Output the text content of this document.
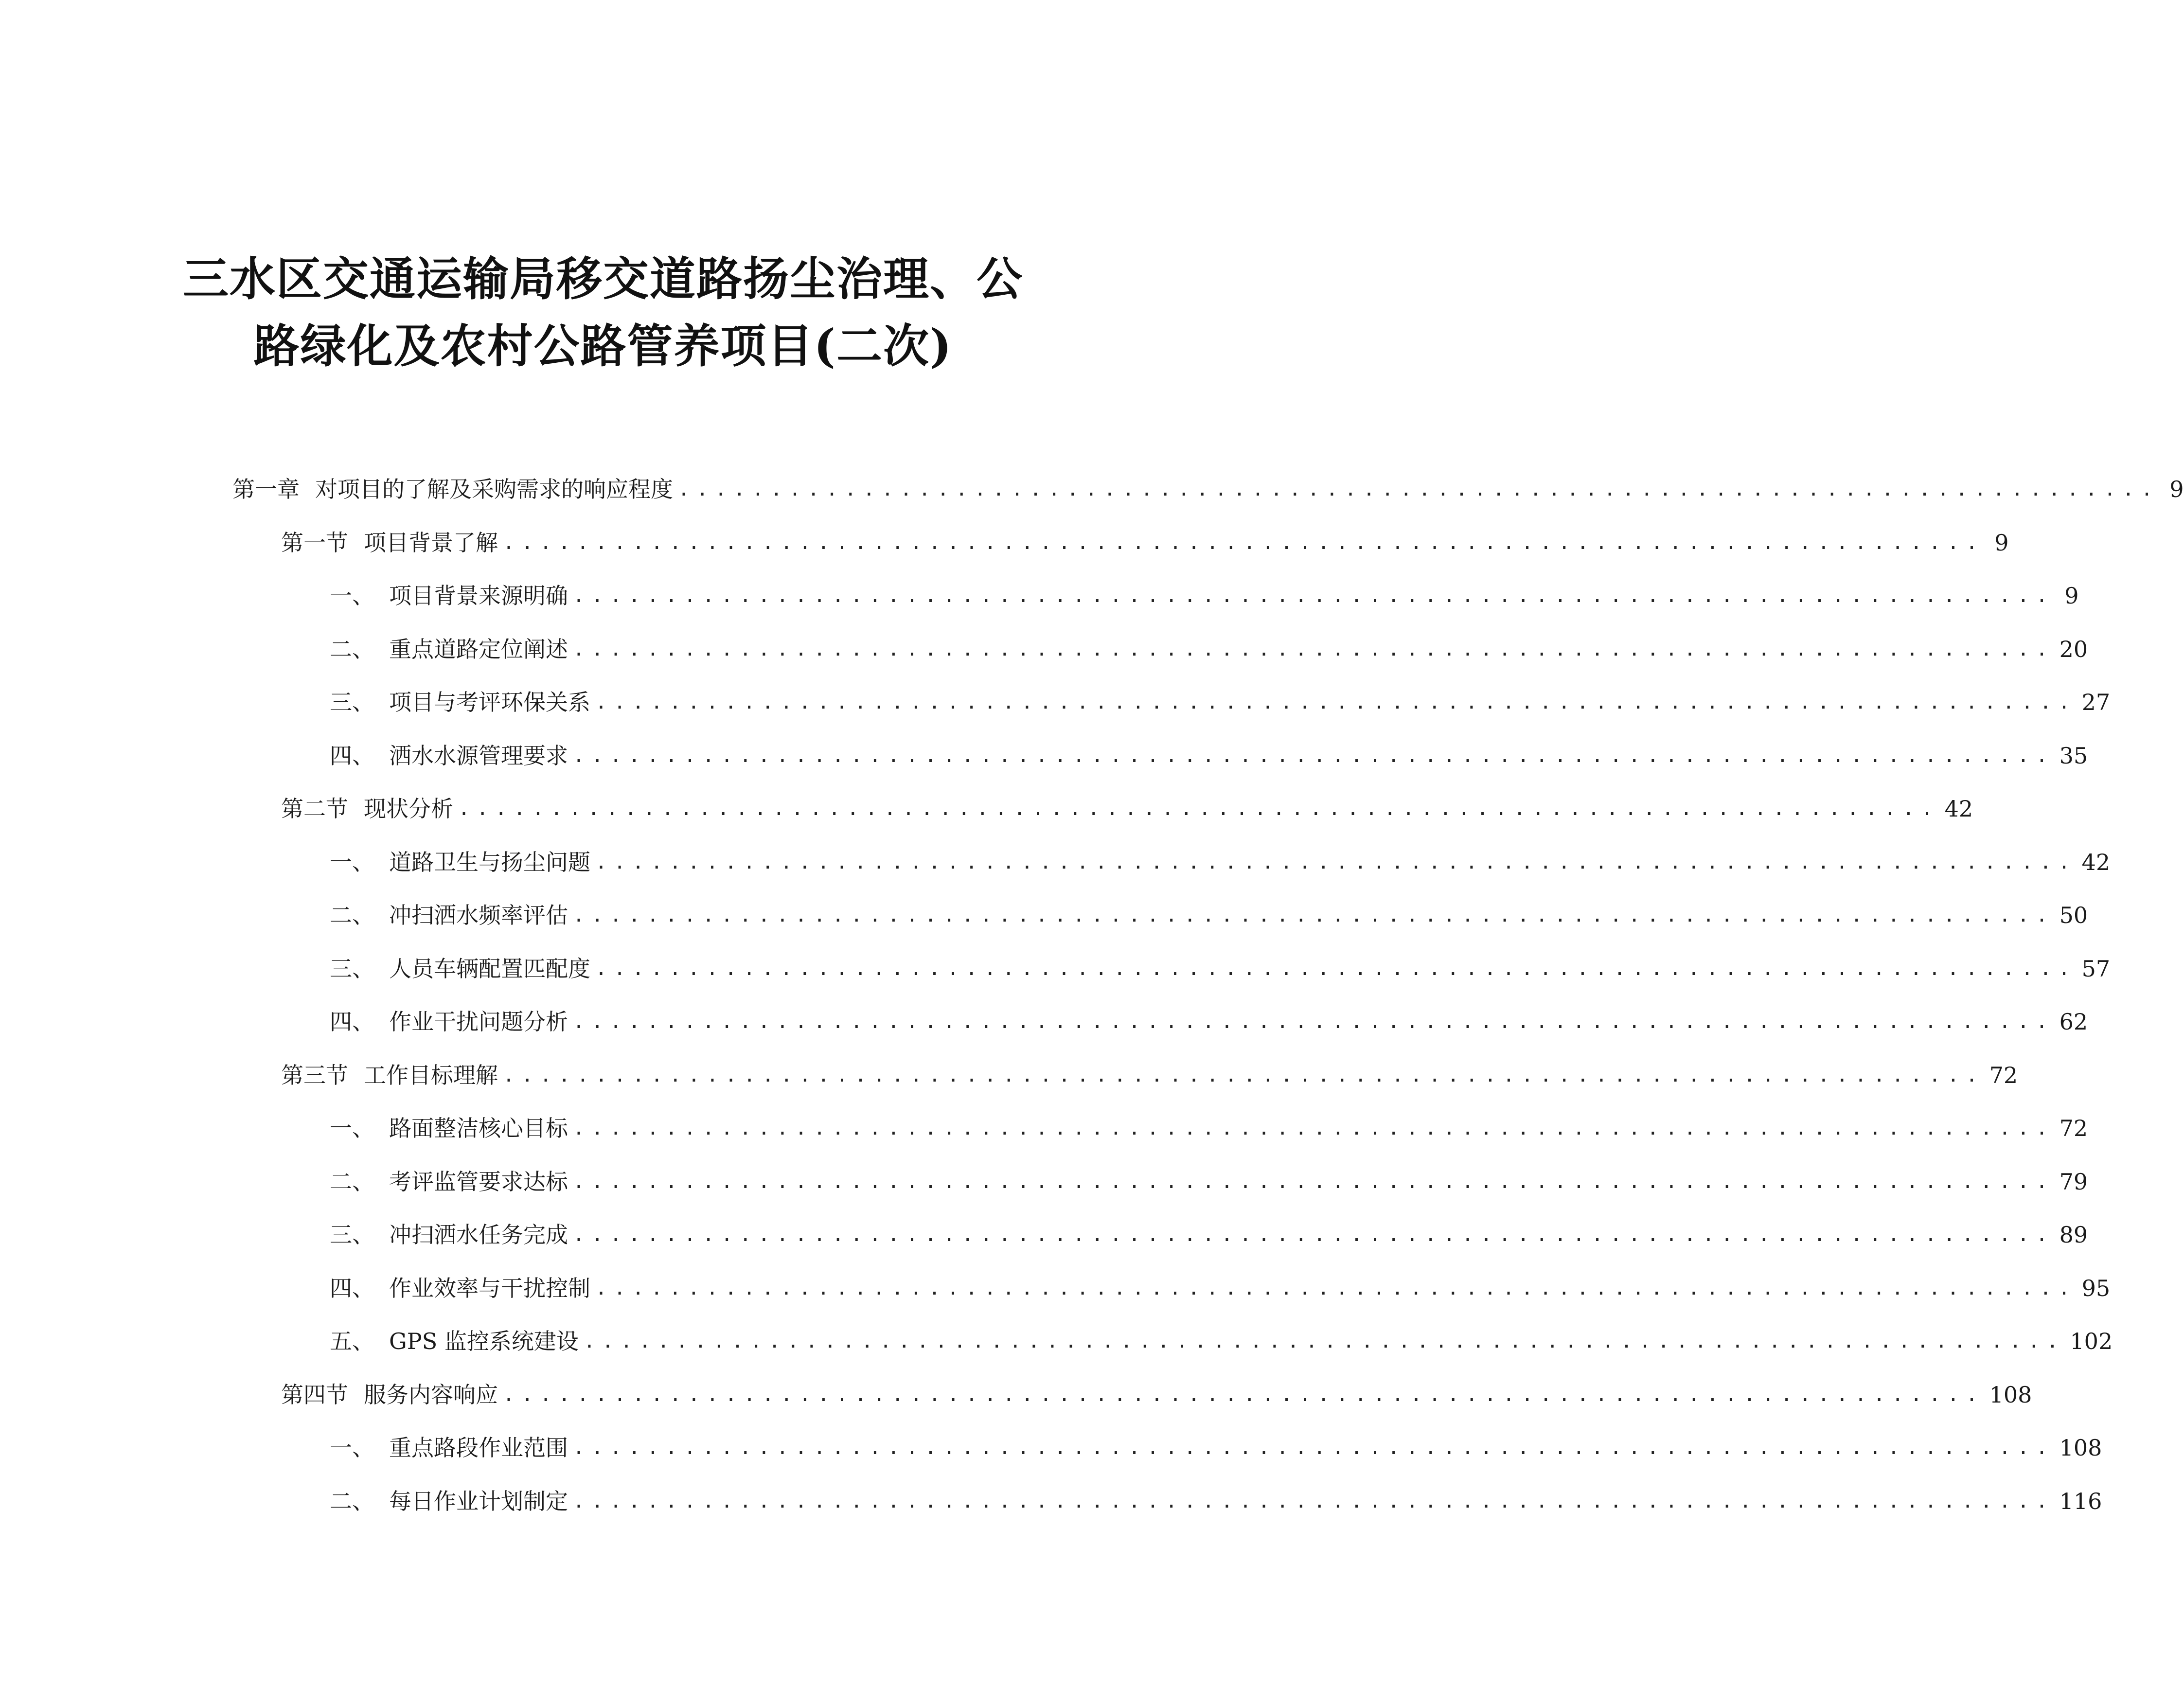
三水区交通运输局移交道路扬尘治理、公
路绿化及农村公路管养项目(二次)
第一章 对项目的了解及采购需求的响应程度 ................................................................................ 9
第一节 项目背景了解 ................................................................................ 9
一、 项目背景来源明确 ................................................................................ 9
二、 重点道路定位阐述 ................................................................................ 20
三、 项目与考评环保关系 ................................................................................ 27
四、 洒水水源管理要求 ................................................................................ 35
第二节 现状分析 ................................................................................ 42
一、 道路卫生与扬尘问题 ................................................................................ 42
二、 冲扫洒水频率评估 ................................................................................ 50
三、 人员车辆配置匹配度 ................................................................................ 57
四、 作业干扰问题分析 ................................................................................ 62
第三节 工作目标理解 ................................................................................ 72
一、 路面整洁核心目标 ................................................................................ 72
二、 考评监管要求达标 ................................................................................ 79
三、 冲扫洒水任务完成 ................................................................................ 89
四、 作业效率与干扰控制 ................................................................................ 95
五、 GPS 监控系统建设 ................................................................................ 102
第四节 服务内容响应 ................................................................................ 108
一、 重点路段作业范围 ................................................................................ 108
二、 每日作业计划制定 ................................................................................ 116
